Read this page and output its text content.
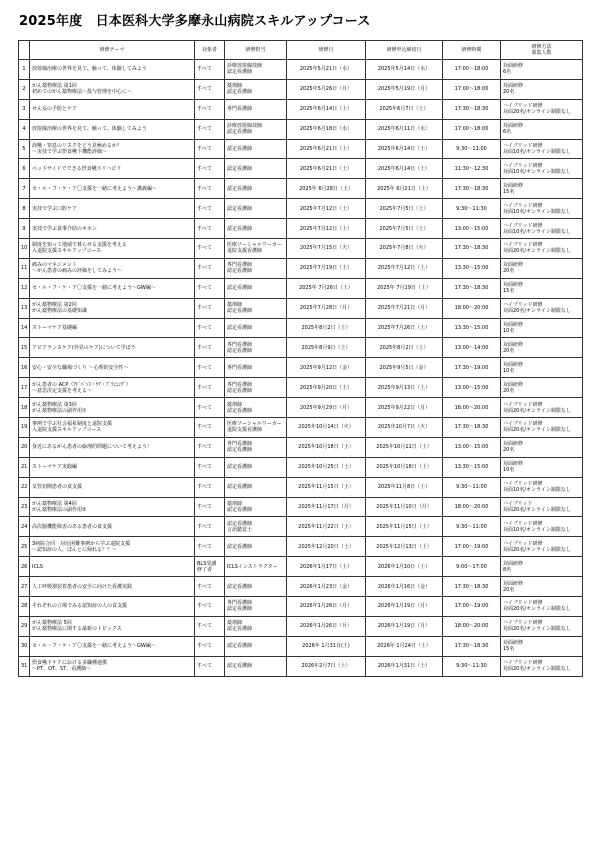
2025年度　日本医科大学多摩永山病院スキルアップコース
	研修テーマ	対象者	研修担当	研修日	研修申込締切日	研修時間	研修方法
募集人数
1	放射線治療の世界を見て、触って、体験してみよう	すべて	診療放射線技師
認定看護師	2025年5月21日（水）	2025年5月14日（水）	17:00～18:00	対面研修
6名
2	がん薬物療法 第1回
初めてのがん薬物療法～投与管理を中心に～	すべて	薬剤師
認定看護師	2025年5月26日（月）	2025年5月19日（月）	17:00～18:00	対面研修
20名
3	せん妄の予防とケア	すべて	専門看護師	2025年6月14日（土）	2025年6月7日（土）	17:30～18:30	ハイブリッド研修
対面20名/オンライン制限なし
4	放射線治療の世界を見て、触って、体験してみよう	すべて	診療放射線技師
認定看護師	2025年6月18日（水）	2025年6月11日（水）	17:00～18:00	対面研修
6名
5	誤嚥・窒息のリスクをどう見極めるか？
～実技で学ぶ摂食嚥下機能評価～	すべて	認定看護師	2025年6月21日（土）	2025年6月14日（土）	9:30～11:00	ハイブリッド研修
対面10名/オンライン制限なし
6	ベッドサイドでできる摂食嚥下リハビリ	すべて	認定看護師	2025年6月21日（土）	2025年6月14日（土）	11:30～12:30	ハイブリッド研修
対面10名/オンライン制限なし
7	セ・ル・フ・ケ・ア〇支援を一緒に考えよう～講義編～	すべて	認定看護師	2025年 6月28日（土）	2025年 6月21日（土）	17:30～18:30	対面研修
15名
8	実技で学ぶ口腔ケア	すべて	認定看護師	2025年7月12日（土）	2025年7月5日（土）	9:30～11:30	ハイブリッド研修
対面10名/オンライン制限なし
9	実技で学ぶ食事介助のキホン	すべて	認定看護師	2025年7月12日（土）	2025年7月5日（土）	13:00～15:00	ハイブリッド研修
対面10名/オンライン制限なし
10	制度を知って地域で暮らせる支援を考える
入退院支援スキルアップコース	すべて	医療ソーシャルワーカー
退院支援看護師	2025年7月15日（火）	2025年7月8日（火）	17:30～18:30	ハイブリッド研修
対面20名/オンライン制限なし
11	痛みのマネジメント
～がん患者の痛みの評価をしてみよう～	すべて	専門看護師
認定看護師	2025年7月19日（土）	2025年7月12日（土）	13:30～15:00	対面研修
20名
12	セ・ル・フ・ケ・ア〇支援を一緒に考えよう～GW編～	すべて	認定看護師	2025年 7月26日（土）	2025年 7月19日（土）	17:30～18:30	対面研修
15名
13	がん薬物療法 第2回
がん薬物療法の基礎知識	すべて	薬剤師
認定看護師	2025年7月28日（月）	2025年7月21日（月）	18:00～20:00	ハイブリッド研修
対面20名/オンライン制限なし
14	ストーマケア基礎編	すべて	認定看護師	2025年8月2日（土）	2025年7月26日（土）	13:30～15:00	対面研修
10名
15	アピアランスケア(外見のケア)について学ぼう	すべて	専門看護師
認定看護師	2025年8月9日（土）	2025年8月2日（土）	13:00～14:00	対面研修
20名
16	安心・安全な職場づくり ～心理的安全性～	すべて	専門看護師	2025年9月12日（金）	2025年9月5日（金）	17:30～19:00	対面研修
10名
17	がん患者の ACP（ｱﾄﾞﾊﾞﾝｽ・ｹｱ・ﾌﾟﾗﾝﾆﾝｸﾞ）
～意思決定支援を考える～	すべて	専門看護師
認定看護師	2025年9月20日（土）	2025年9月13日（土）	13:00～15:00	対面研修
20名
18	がん薬物療法 第3回
がん薬物療法の副作用①	すべて	薬剤師
認定看護師	2025年9月29日（月）	2025年9月22日（月）	18:00～20:00	ハイブリッド研修
対面20名/オンライン制限なし
19	事例で学ぶ社会福祉制度と退院支援
入退院支援スキルアップコース	すべて	医療ソーシャルワーカー
退院支援看護師	2025年10月14日（火）	2025年10月7日（火）	17:30～18:30	ハイブリッド研修
対面20名/オンライン制限なし
20	身近にあるがん患者の倫理的問題について考えよう！	すべて	専門看護師
認定看護師	2025年10月18日（土）	2025年10月11日（土）	13:00～15:00	対面研修
20名
21	ストーマケア実践編	すべて	認定看護師	2025年10月25日（土）	2025年10月18日（土）	13:30～15:00	対面研修
10名
22	気管切開患者の食支援	すべて	認定看護師	2025年11月15日（土）	2025年11月8日（土）	9:30～11:00	ハイブリッド研修
対面10名/オンライン制限なし
23	がん薬物療法 第4回
がん薬物療法の副作用②	すべて	薬剤師
認定看護師	2025年11月17日（月）	2025年11月10日（月）	18:00～20:00	ハイブリッド
対面20名/オンライン制限なし
24	高次脳機能障害のある患者の食支援	すべて	認定看護師
言語聴覚士	2025年11月22日（土）	2025年11月15日（土）	9:30～11:00	ハイブリッド研修
対面10名/オンライン制限なし
25	3病院合同　対応困難事例から学ぶ退院支援
～認知症の人、ほんとに帰れる？？～	すべて	認定看護師	2025年12月20日（土）	2025年12月13日（土）	17:00～19:00	ハイブリッド研修
対面20名/オンライン制限なし
26	ICLS	BLS受講
修了者	ICLSインストラクター	2026年1月17日（土）	2026年1月10日（土）	9:00～17:00	対面研修
8名
27	人工呼吸器装着患者の安全に向けた看護実践	すべて	認定看護師	2026年1月23日（金）	2026年1月16日（金）	17:30～18:30	対面研修
20名
28	それぞれの立場でみる認知症の人の食支援	すべて	専門看護師
認定看護師	2026年1月26日（月）	2026年1月19日（月）	17:00～19:00	ハイブリッド研修
対面20名/オンライン制限なし
29	がん薬物療法 5回
がん薬物療法に関する最新のトピックス	すべて	薬剤師
認定看護師	2026年1月26日（月）	2026年1月19日（月）	18:00～20:00	ハイブリッド研修
対面20名/オンライン制限なし
30	セ・ル・フ・ケ・ア〇支援を一緒に考えよう～GW編～	すべて	認定看護師	2026年 1月31日(土)	2026年 1月24日（土）	17:30～18:30	対面研修
15名
31	摂食嚥下ケアにおける多職種連携
～PT、OT、ST、看護師～	すべて	認定看護師	2026年2月7日（土）	2026年1月31日（土）	9:30～11:30	ハイブリッド研修
対面20名/オンライン制限なし
